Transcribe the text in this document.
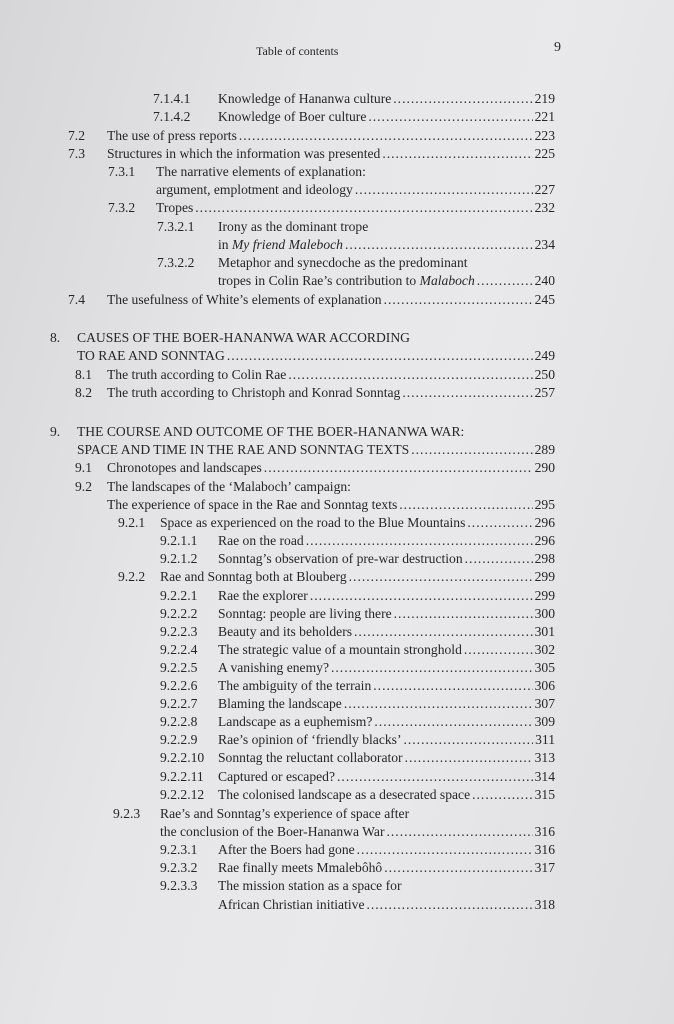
Table of contents	9
7.1.4.1 Knowledge of Hananwa culture .....	219
7.1.4.2 Knowledge of Boer culture .....	221
7.2 The use of press reports .....	223
7.3 Structures in which the information was presented .....	225
7.3.1 The narrative elements of explanation:
argument, emplotment and ideology .....	227
7.3.2 Tropes .....	232
7.3.2.1 Irony as the dominant trope
in My friend Maleboch .....	234
7.3.2.2 Metaphor and synecdoche as the predominant
tropes in Colin Rae’s contribution to Malaboch .....	240
7.4 The usefulness of White’s elements of explanation .....	245
8. CAUSES OF THE BOER-HANANWA WAR ACCORDING
TO RAE AND SONNTAG .....	249
8.1 The truth according to Colin Rae .....	250
8.2 The truth according to Christoph and Konrad Sonntag .....	257
9. THE COURSE AND OUTCOME OF THE BOER-HANANWA WAR:
SPACE AND TIME IN THE RAE AND SONNTAG TEXTS .....	289
9.1 Chronotopes and landscapes .....	290
9.2 The landscapes of the ‘Malaboch’ campaign:
The experience of space in the Rae and Sonntag texts .....	295
9.2.1 Space as experienced on the road to the Blue Mountains .....	296
9.2.1.1 Rae on the road .....	296
9.2.1.2 Sonntag’s observation of pre-war destruction .....	298
9.2.2 Rae and Sonntag both at Blouberg .....	299
9.2.2.1 Rae the explorer .....	299
9.2.2.2 Sonntag: people are living there .....	300
9.2.2.3 Beauty and its beholders .....	301
9.2.2.4 The strategic value of a mountain stronghold .....	302
9.2.2.5 A vanishing enemy? .....	305
9.2.2.6 The ambiguity of the terrain .....	306
9.2.2.7 Blaming the landscape .....	307
9.2.2.8 Landscape as a euphemism? .....	309
9.2.2.9 Rae’s opinion of ‘friendly blacks’ .....	311
9.2.2.10 Sonntag the reluctant collaborator .....	313
9.2.2.11 Captured or escaped? .....	314
9.2.2.12 The colonised landscape as a desecrated space .....	315
9.2.3 Rae’s and Sonntag’s experience of space after
the conclusion of the Boer-Hananwa War .....	316
9.2.3.1 After the Boers had gone .....	316
9.2.3.2 Rae finally meets Mmalebôhô .....	317
9.2.3.3 The mission station as a space for
African Christian initiative .....	318
